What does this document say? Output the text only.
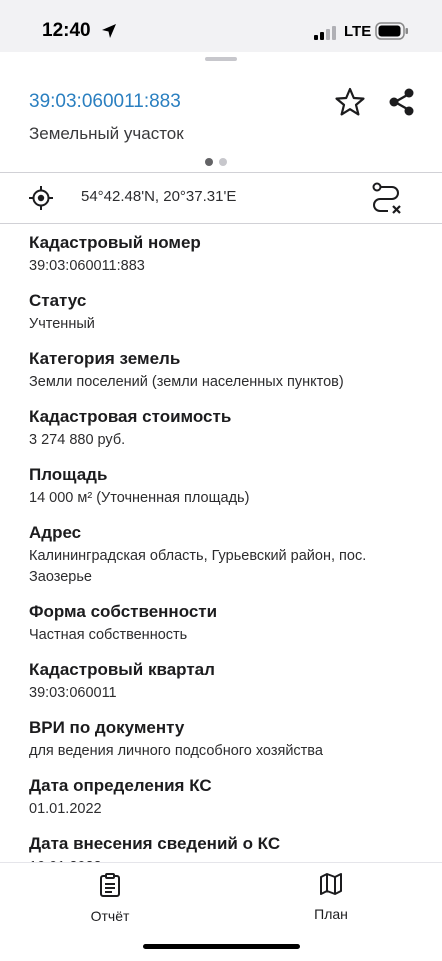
12:40	LTE
39:03:060011:883
Земельный участок
54°42.48'N, 20°37.31'E
Кадастровый номер
39:03:060011:883
Статус
Учтенный
Категория земель
Земли поселений (земли населенных пунктов)
Кадастровая стоимость
3 274 880 руб.
Площадь
14 000 м² (Уточненная площадь)
Адрес
Калининградская область, Гурьевский район, пос. Заозерье
Форма собственности
Частная собственность
Кадастровый квартал
39:03:060011
ВРИ по документу
для ведения личного подсобного хозяйства
Дата определения КС
01.01.2022
Дата внесения сведений о КС
Отчёт	План
